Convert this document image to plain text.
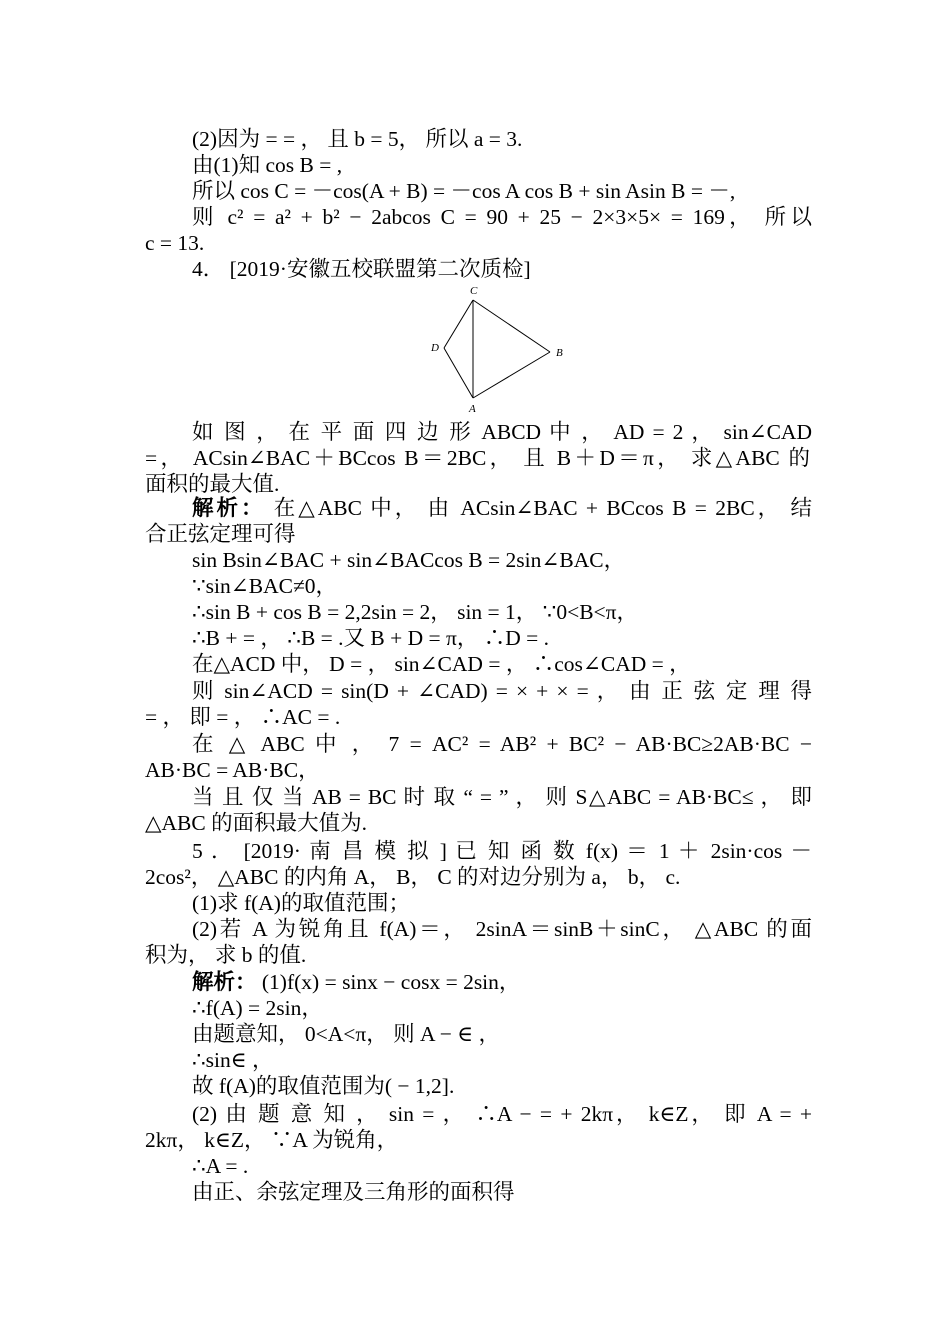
(2)因为 = = ， 且 b = 5， 所以 a = 3.
由(1)知 cos B = ,
所以 cos C = －cos(A + B) = －cos A cos B + sin Asin B = －,
则 c² = a² + b² − 2abcos C = 90 + 25 − 2×3×5× = 169， 所以
c = 13.
4． [2019·安徽五校联盟第二次质检]
如 图 ， 在 平 面 四 边 形 ABCD 中 ， AD = 2 ， sin∠CAD
=， ACsin∠BAC＋BCcos B＝2BC， 且 B＋D＝π， 求△ABC 的
面积的最大值.
解析： 在△ABC 中， 由 ACsin∠BAC + BCcos B = 2BC， 结
合正弦定理可得
sin Bsin∠BAC + sin∠BACcos B = 2sin∠BAC，
∵sin∠BAC≠0，
∴sin B + cos B = 2,2sin = 2， sin = 1， ∵0<B<π，
∴B + = ， ∴B = .又 B + D = π， ∴D = .
在△ACD 中， D = ， sin∠CAD = ， ∴cos∠CAD = ，
则 sin∠ACD = sin(D + ∠CAD) = × + × = ， 由 正 弦 定 理 得
= ， 即 = ， ∴AC = .
在 △ ABC 中 ， 7 = AC² = AB² + BC² − AB·BC≥2AB·BC −
AB·BC = AB·BC，
当 且 仅 当 AB = BC 时 取 “ = ” ， 则 S△ABC = AB·BC≤ ， 即
△ABC 的面积最大值为.
5 ． [2019· 南 昌 模 拟 ] 已 知 函 数 f(x) ＝ 1 ＋ 2sin·cos －
2cos²， △ABC 的内角 A， B， C 的对边分别为 a， b， c.
(1)求 f(A)的取值范围；
(2)若 A 为锐角且 f(A)＝， 2sinA＝sinB＋sinC， △ABC 的面
积为， 求 b 的值.
解析： (1)f(x) = sinx − cosx = 2sin，
∴f(A) = 2sin，
由题意知， 0<A<π， 则 A − ∈ ，
∴sin∈ ，
故 f(A)的取值范围为( − 1,2].
(2) 由 题 意 知 ， sin = ， ∴A − = + 2kπ， k∈Z， 即 A = +
2kπ， k∈Z， ∵A 为锐角，
∴A = .
由正、余弦定理及三角形的面积得
C
D	B
A
